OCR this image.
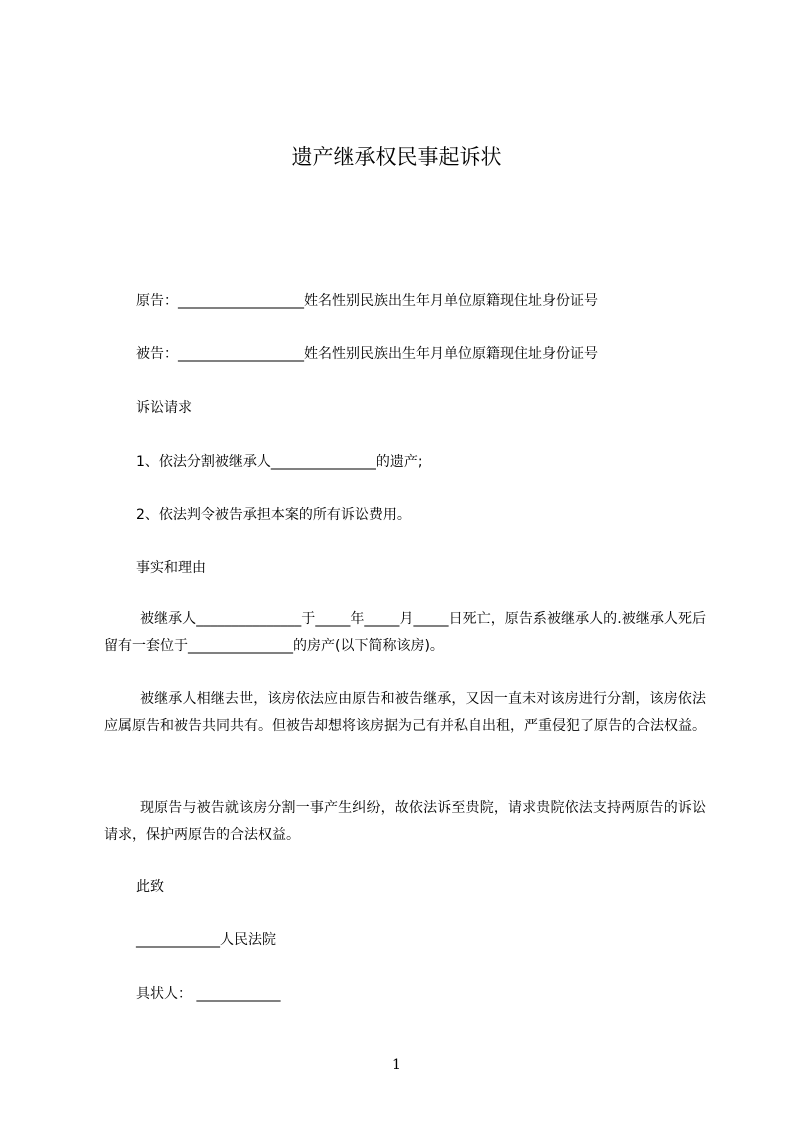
遗产继承权民事起诉状
原告：__________________姓名性别民族出生年月单位原籍现住址身份证号
被告：__________________姓名性别民族出生年月单位原籍现住址身份证号
诉讼请求
1、依法分割被继承人_______________的遗产;
2、依法判令被告承担本案的所有诉讼费用。
事实和理由
被继承人_______________于_____年_____月_____日死亡，原告系被继承人的.被继承人死后留有一套位于_______________的房产(以下简称该房)。
被继承人相继去世，该房依法应由原告和被告继承，又因一直未对该房进行分割，该房依法应属原告和被告共同共有。但被告却想将该房据为己有并私自出租，严重侵犯了原告的合法权益。
现原告与被告就该房分割一事产生纠纷，故依法诉至贵院，请求贵院依法支持两原告的诉讼请求，保护两原告的合法权益。
此致
____________人民法院
具状人： ____________
1
